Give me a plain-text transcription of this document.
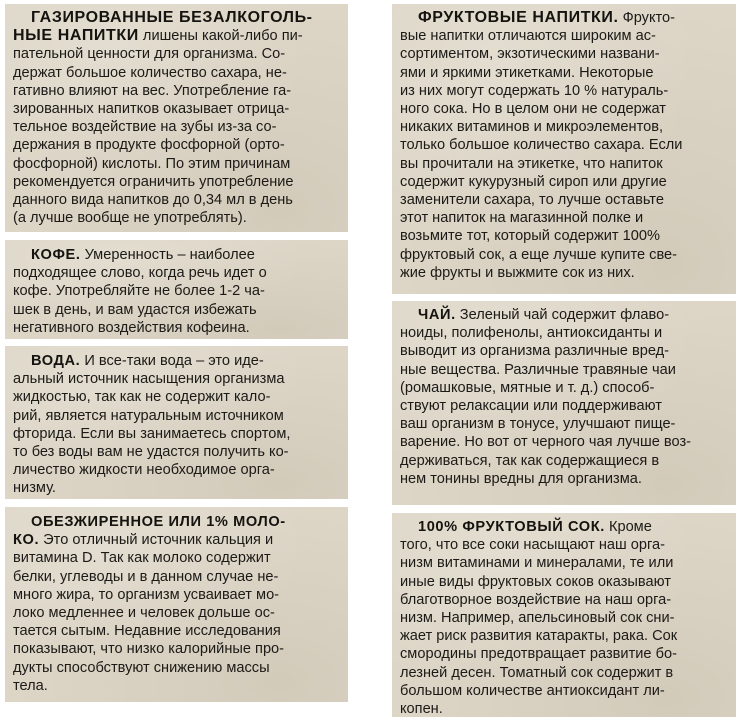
ГАЗИРОВАННЫЕ БЕЗАЛКОГОЛЬ-
НЫЕ НАПИТКИ лишены какой-либо пи-
пательной ценности для организма. Со-
держат большое количество сахара, не-
гативно влияют на вес. Употребление га-
зированных напитков оказывает отрица-
тельное воздействие на зубы из-за со-
держания в продукте фосфорной (орто-
фосфорной) кислоты. По этим причинам
рекомендуется ограничить употребление
данного вида напитков до 0,34 мл в день
(а лучше вообще не употреблять).
КОФЕ. Умеренность – наиболее
подходящее слово, когда речь идет о
кофе. Употребляйте не более 1-2 ча-
шек в день, и вам удастся избежать
негативного воздействия кофеина.
ВОДА. И все-таки вода – это иде-
альный источник насыщения организма
жидкостью, так как не содержит кало-
рий, является натуральным источником
фторида. Если вы занимаетесь спортом,
то без воды вам не удастся получить ко-
личество жидкости необходимое орга-
низму.
ОБЕЗЖИРЕННОЕ ИЛИ 1% МОЛО-
КО. Это отличный источник кальция и
витамина D. Так как молоко содержит
белки, углеводы и в данном случае не-
много жира, то организм усваивает мо-
локо медленнее и человек дольше ос-
тается сытым. Недавние исследования
показывают, что низко калорийные про-
дукты способствуют снижению массы
тела.
ФРУКТОВЫЕ НАПИТКИ. Фрукто-
вые напитки отличаются широким ас-
сортиментом, экзотическими названи-
ями и яркими этикетками. Некоторые
из них могут содержать 10 % натураль-
ного сока. Но в целом они не содержат
никаких витаминов и микроэлементов,
только большое количество сахара. Если
вы прочитали на этикетке, что напиток
содержит кукурузный сироп или другие
заменители сахара, то лучше оставьте
этот напиток на магазинной полке и
возьмите тот, который содержит 100%
фруктовый сок, а еще лучше купите све-
жие фрукты и выжмите сок из них.
ЧАЙ. Зеленый чай содержит флаво-
ноиды, полифенолы, антиоксиданты и
выводит из организма различные вред-
ные вещества. Различные травяные чаи
(ромашковые, мятные и т. д.) способ-
ствуют релаксации или поддерживают
ваш организм в тонусе, улучшают пище-
варение. Но вот от черного чая лучше воз-
держиваться, так как содержащиеся в
нем тонины вредны для организма.
100% ФРУКТОВЫЙ СОК. Кроме
того, что все соки насыщают наш орга-
низм витаминами и минералами, те или
иные виды фруктовых соков оказывают
благотворное воздействие на наш орга-
низм. Например, апельсиновый сок сни-
жает риск развития катаракты, рака. Сок
смородины предотвращает развитие бо-
лезней десен. Томатный сок содержит в
большом количестве антиоксидант ли-
копен.
